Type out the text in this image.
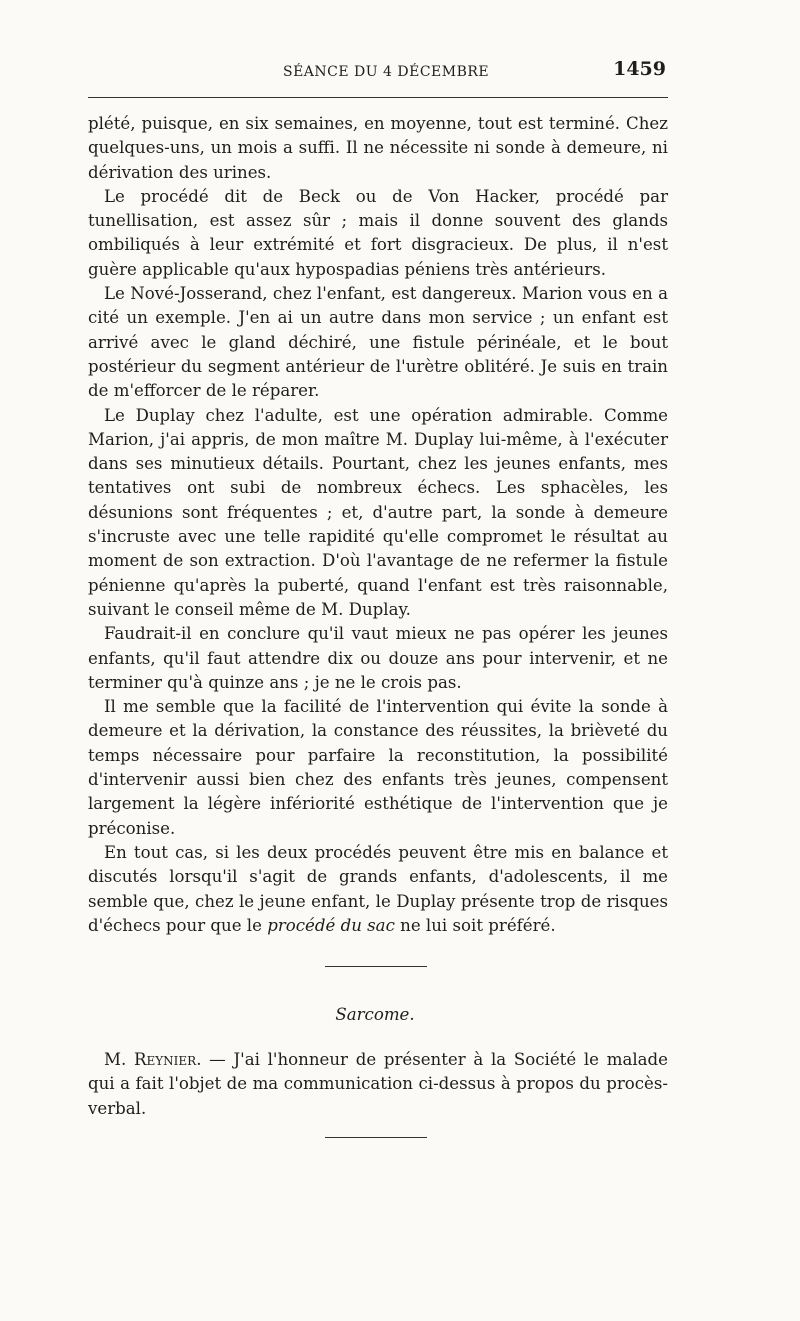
SÉANCE DU 4 DÉCEMBRE	1459

plété, puisque, en six semaines, en moyenne, tout est terminé. Chez quelques-uns, un mois a suffi. Il ne nécessite ni sonde à demeure, ni dérivation des urines.

Le procédé dit de Beck ou de Von Hacker, procédé par tunellisation, est assez sûr ; mais il donne souvent des glands ombiliqués à leur extrémité et fort disgracieux. De plus, il n'est guère applicable qu'aux hypospadias péniens très antérieurs.

Le Nové-Josserand, chez l'enfant, est dangereux. Marion vous en a cité un exemple. J'en ai un autre dans mon service ; un enfant est arrivé avec le gland déchiré, une fistule périnéale, et le bout postérieur du segment antérieur de l'urètre oblitéré. Je suis en train de m'efforcer de le réparer.

Le Duplay chez l'adulte, est une opération admirable. Comme Marion, j'ai appris, de mon maître M. Duplay lui-même, à l'exécuter dans ses minutieux détails. Pourtant, chez les jeunes enfants, mes tentatives ont subi de nombreux échecs. Les sphacèles, les désunions sont fréquentes ; et, d'autre part, la sonde à demeure s'incruste avec une telle rapidité qu'elle compromet le résultat au moment de son extraction. D'où l'avantage de ne refermer la fistule pénienne qu'après la puberté, quand l'enfant est très raisonnable, suivant le conseil même de M. Duplay.

Faudrait-il en conclure qu'il vaut mieux ne pas opérer les jeunes enfants, qu'il faut attendre dix ou douze ans pour intervenir, et ne terminer qu'à quinze ans ; je ne le crois pas.

Il me semble que la facilité de l'intervention qui évite la sonde à demeure et la dérivation, la constance des réussites, la brièveté du temps nécessaire pour parfaire la reconstitution, la possibilité d'intervenir aussi bien chez des enfants très jeunes, compensent largement la légère infériorité esthétique de l'intervention que je préconise.

En tout cas, si les deux procédés peuvent être mis en balance et discutés lorsqu'il s'agit de grands enfants, d'adolescents, il me semble que, chez le jeune enfant, le Duplay présente trop de risques d'échecs pour que le procédé du sac ne lui soit préféré.

Sarcome.

M. Reynier. — J'ai l'honneur de présenter à la Société le malade qui a fait l'objet de ma communication ci-dessus à propos du procès-verbal.
